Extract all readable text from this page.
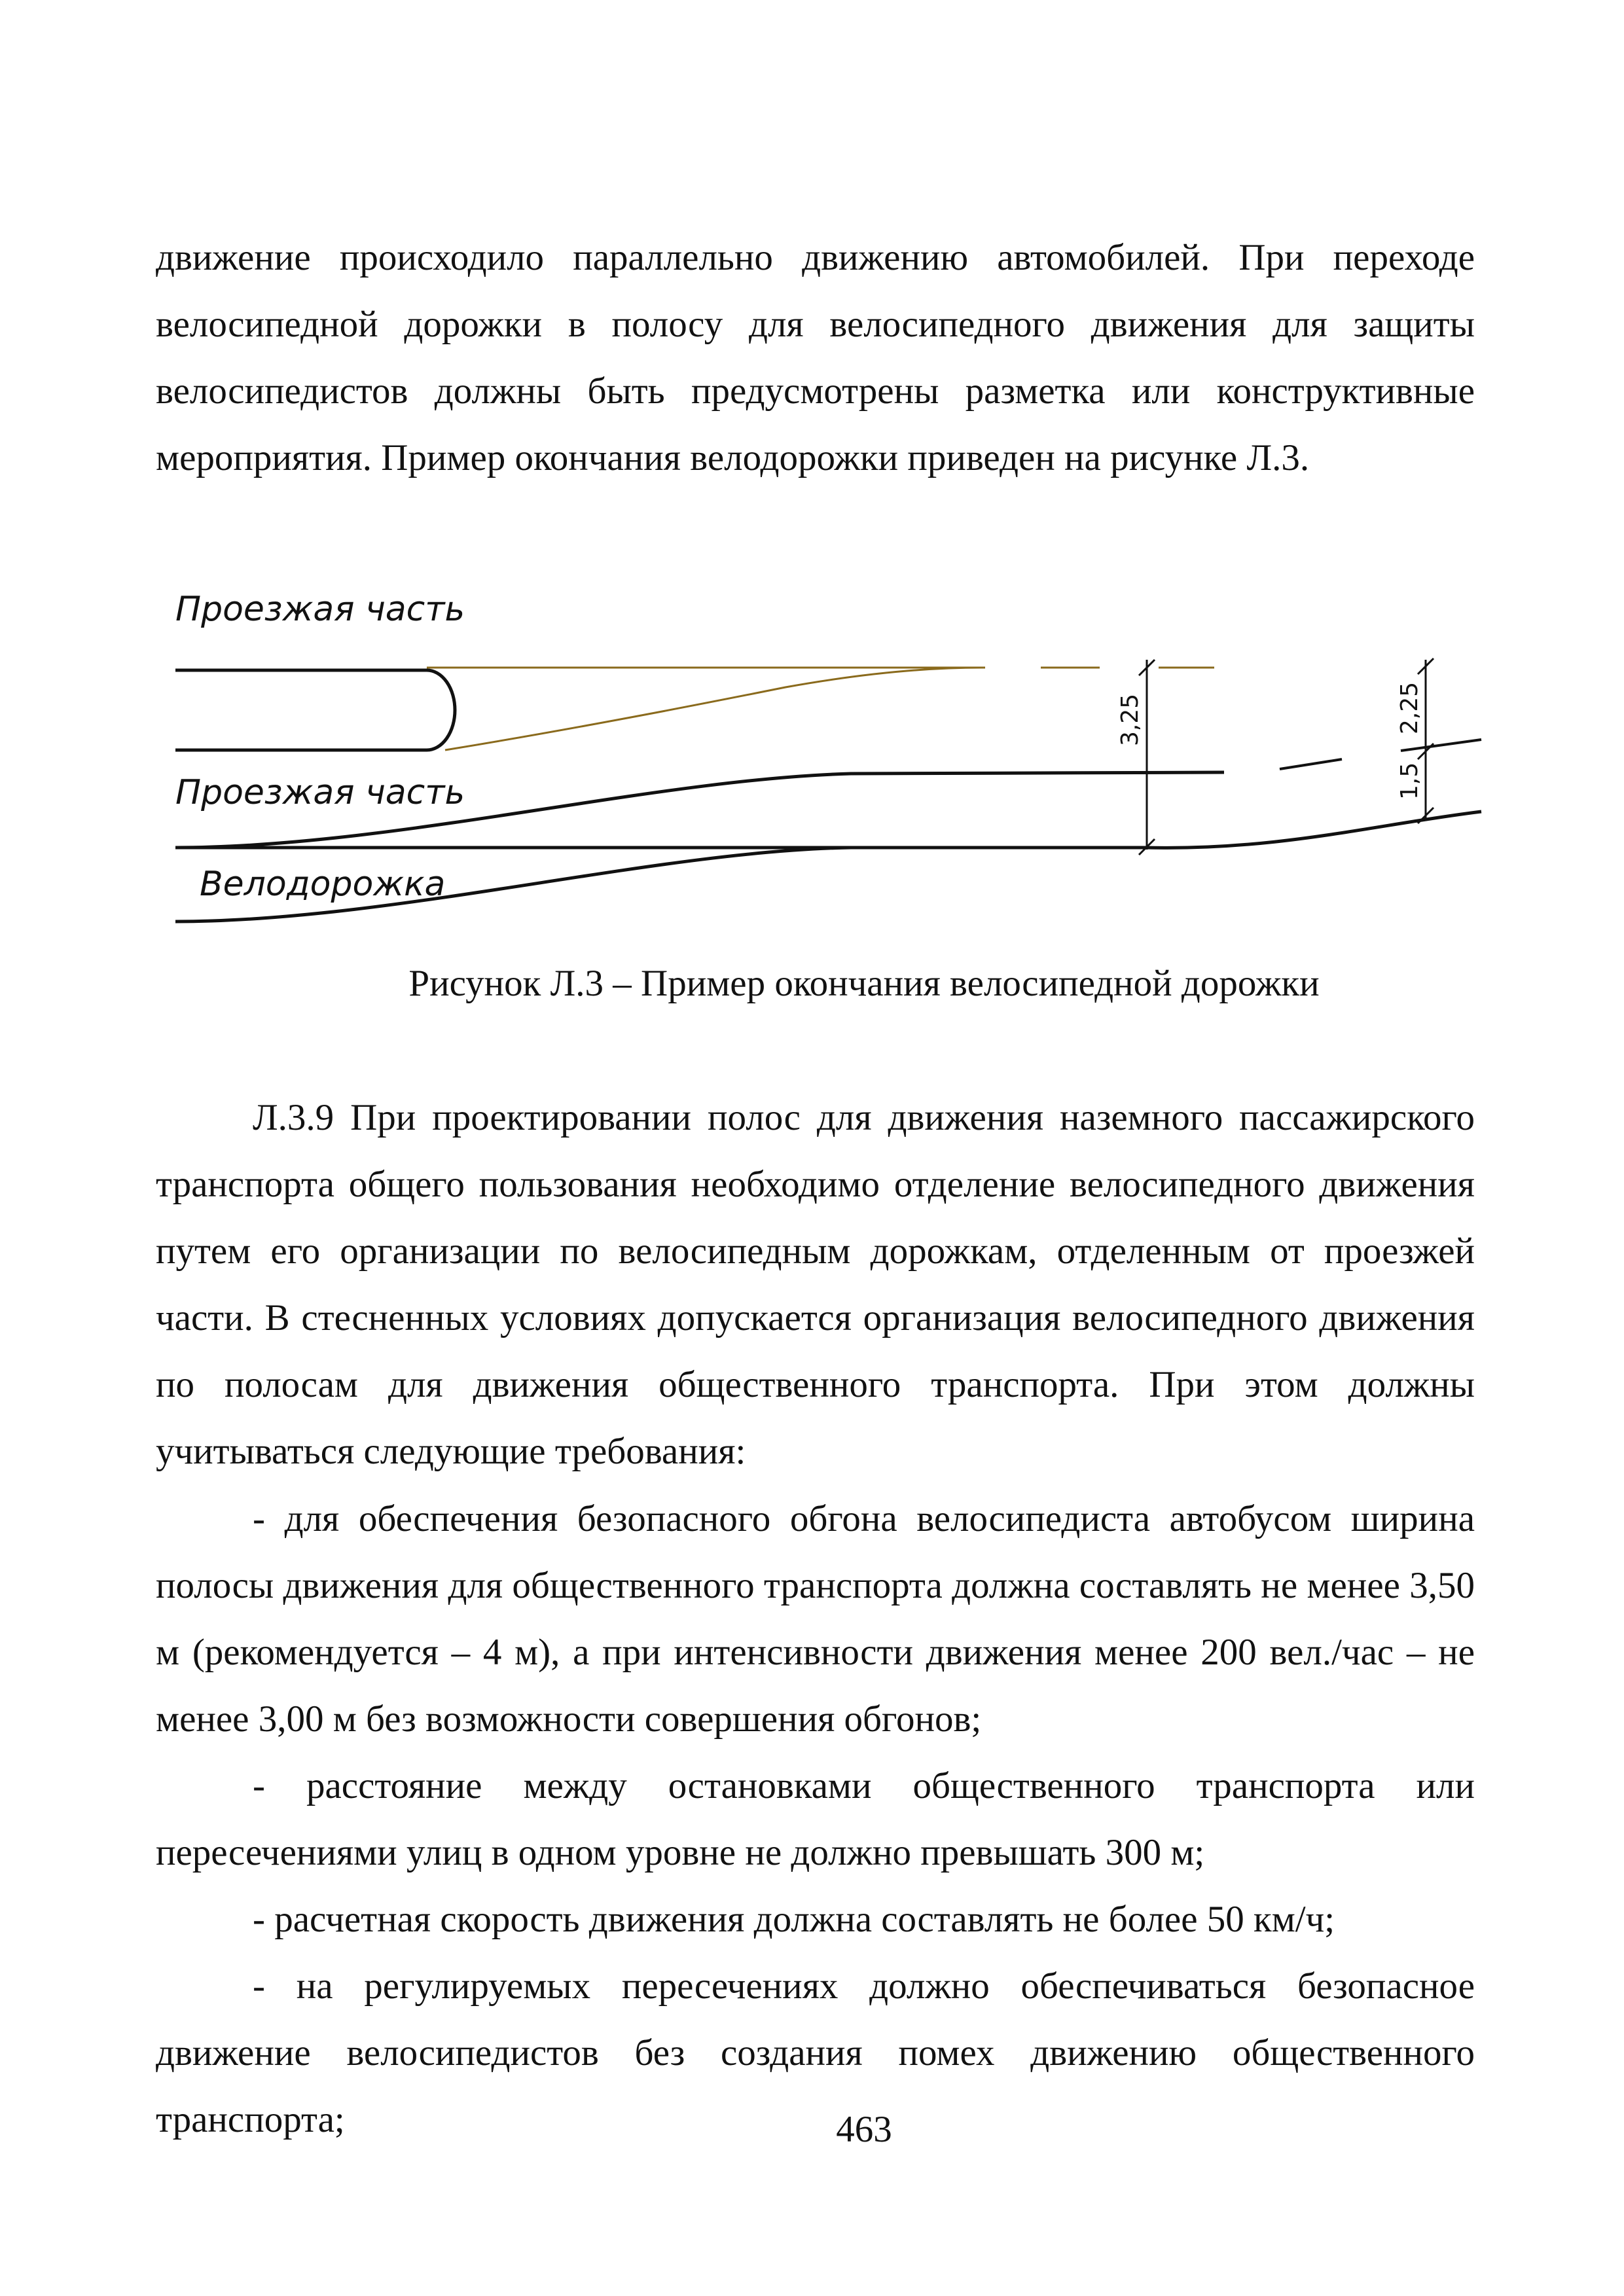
движение происходило параллельно движению автомобилей. При переходе велосипедной дорожки в полосу для велосипедного движения для защиты велосипедистов должны быть предусмотрены разметка или конструктивные мероприятия. Пример окончания велодорожки приведен на рисунке Л.3.

Проезжая часть
Проезжая часть
Велодорожка
3,25	2,25
1,5

Рисунок Л.3 – Пример окончания велосипедной дорожки

Л.3.9 При проектировании полос для движения наземного пассажирского транспорта общего пользования необходимо отделение велосипедного движения путем его организации по велосипедным дорожкам, отделенным от проезжей части. В стесненных условиях допускается организация велосипедного движения по полосам для движения общественного транспорта. При этом должны учитываться следующие требования:

- для обеспечения безопасного обгона велосипедиста автобусом ширина полосы движения для общественного транспорта должна составлять не менее 3,50 м (рекомендуется – 4 м), а при интенсивности движения менее 200 вел./час – не менее 3,00 м без возможности совершения обгонов;

- расстояние между остановками общественного транспорта или пересечениями улиц в одном уровне не должно превышать 300 м;

- расчетная скорость движения должна составлять не более 50 км/ч;

- на регулируемых пересечениях должно обеспечиваться безопасное движение велосипедистов без создания помех движению общественного транспорта;	463
